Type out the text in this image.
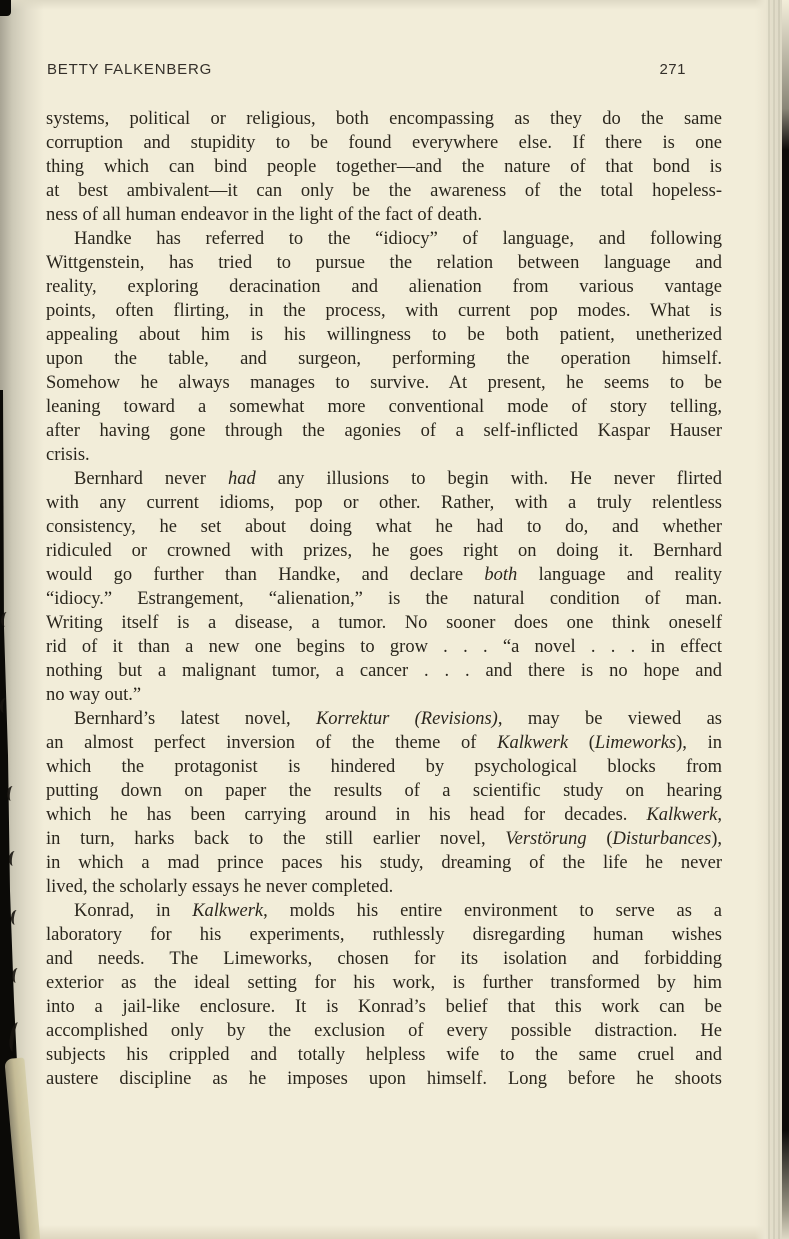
BETTY FALKENBERG	271
systems, political or religious, both encompassing as they do the same
corruption and stupidity to be found everywhere else. If there is one
thing which can bind people together—and the nature of that bond is
at best ambivalent—it can only be the awareness of the total hopeless-
ness of all human endeavor in the light of the fact of death.
Handke has referred to the “idiocy” of language, and following
Wittgenstein, has tried to pursue the relation between language and
reality, exploring deracination and alienation from various vantage
points, often flirting, in the process, with current pop modes. What is
appealing about him is his willingness to be both patient, unetherized
upon the table, and surgeon, performing the operation himself.
Somehow he always manages to survive. At present, he seems to be
leaning toward a somewhat more conventional mode of story telling,
after having gone through the agonies of a self-inflicted Kaspar Hauser
crisis.
Bernhard never had any illusions to begin with. He never flirted
with any current idioms, pop or other. Rather, with a truly relentless
consistency, he set about doing what he had to do, and whether
ridiculed or crowned with prizes, he goes right on doing it. Bernhard
would go further than Handke, and declare both language and reality
“idiocy.” Estrangement, “alienation,” is the natural condition of man.
Writing itself is a disease, a tumor. No sooner does one think oneself
rid of it than a new one begins to grow . . . “a novel . . . in effect
nothing but a malignant tumor, a cancer . . . and there is no hope and
no way out.”
Bernhard’s latest novel, Korrektur (Revisions), may be viewed as
an almost perfect inversion of the theme of Kalkwerk (Limeworks), in
which the protagonist is hindered by psychological blocks from
putting down on paper the results of a scientific study on hearing
which he has been carrying around in his head for decades. Kalkwerk,
in turn, harks back to the still earlier novel, Verstörung (Disturbances),
in which a mad prince paces his study, dreaming of the life he never
lived, the scholarly essays he never completed.
Konrad, in Kalkwerk, molds his entire environment to serve as a
laboratory for his experiments, ruthlessly disregarding human wishes
and needs. The Limeworks, chosen for its isolation and forbidding
exterior as the ideal setting for his work, is further transformed by him
into a jail-like enclosure. It is Konrad’s belief that this work can be
accomplished only by the exclusion of every possible distraction. He
subjects his crippled and totally helpless wife to the same cruel and
austere discipline as he imposes upon himself. Long before he shoots
